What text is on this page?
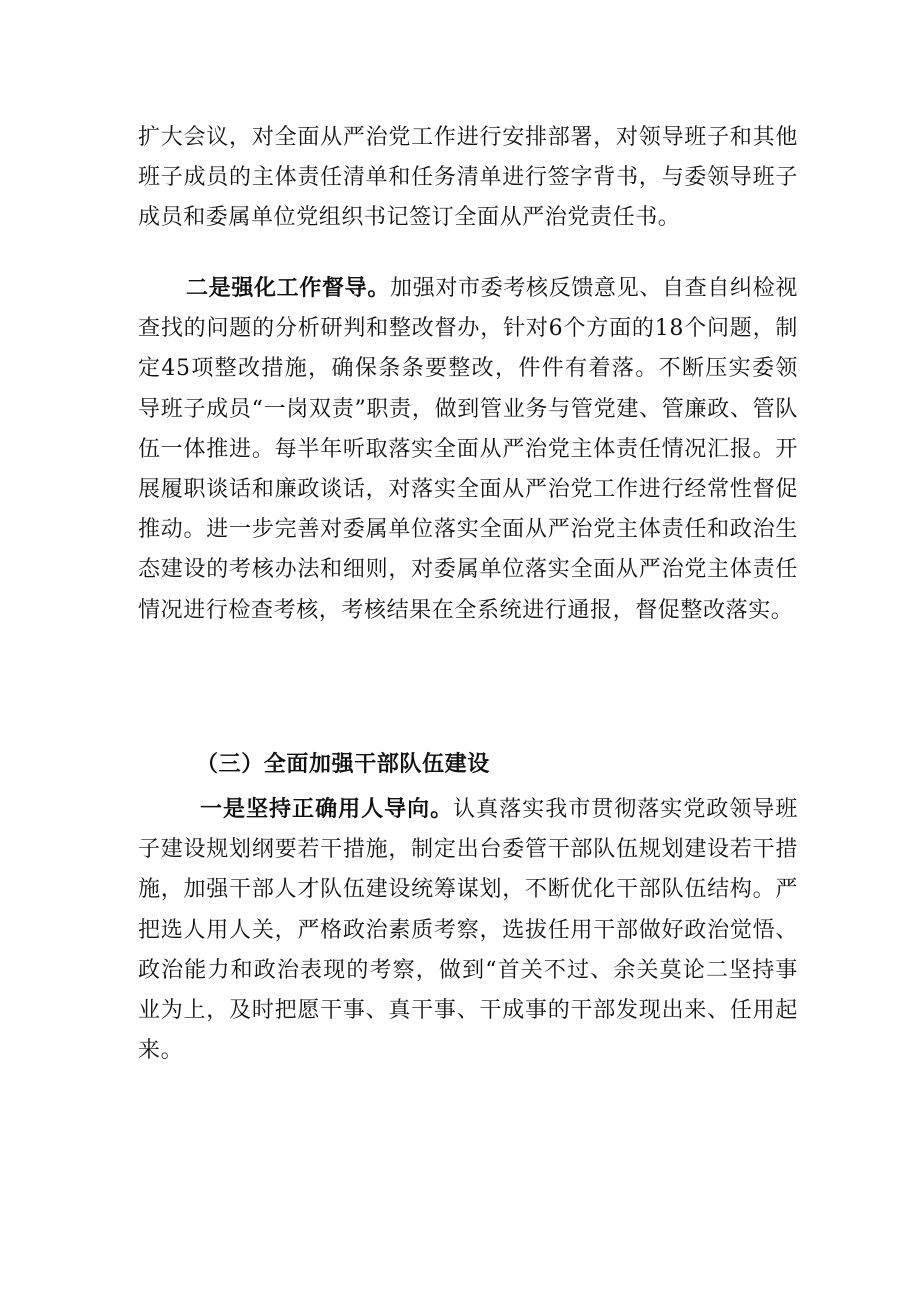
扩大会议，对全面从严治党工作进行安排部署，对领导班子和其他班子成员的主体责任清单和任务清单进行签字背书，与委领导班子成员和委属单位党组织书记签订全面从严治党责任书。

二是强化工作督导。加强对市委考核反馈意见、自查自纠检视查找的问题的分析研判和整改督办，针对6个方面的18个问题，制定45项整改措施，确保条条要整改，件件有着落。不断压实委领导班子成员“一岗双责”职责，做到管业务与管党建、管廉政、管队伍一体推进。每半年听取落实全面从严治党主体责任情况汇报。开展履职谈话和廉政谈话，对落实全面从严治党工作进行经常性督促推动。进一步完善对委属单位落实全面从严治党主体责任和政治生态建设的考核办法和细则，对委属单位落实全面从严治党主体责任情况进行检查考核，考核结果在全系统进行通报，督促整改落实。

（三）全面加强干部队伍建设

一是坚持正确用人导向。认真落实我市贯彻落实党政领导班子建设规划纲要若干措施，制定出台委管干部队伍规划建设若干措施，加强干部人才队伍建设统筹谋划，不断优化干部队伍结构。严把选人用人关，严格政治素质考察，选拔任用干部做好政治觉悟、政治能力和政治表现的考察，做到“首关不过、余关莫论二坚持事业为上，及时把愿干事、真干事、干成事的干部发现出来、任用起来。
